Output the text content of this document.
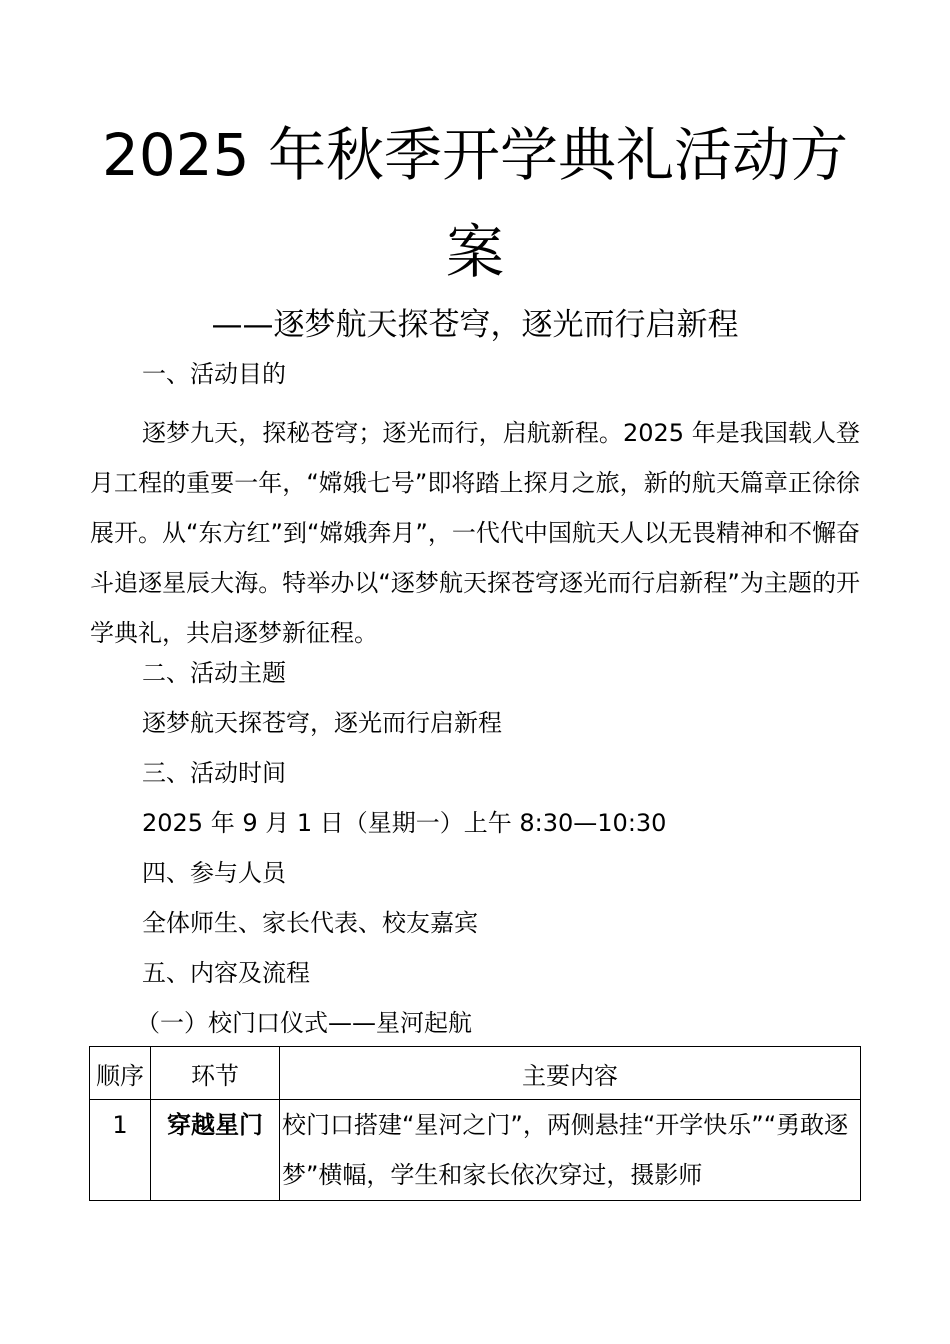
2025 年秋季开学典礼活动方
案
——逐梦航天探苍穹，逐光而行启新程
一、活动目的
逐梦九天，探秘苍穹；逐光而行，启航新程。2025 年是我国载人登月工程的重要一年，“嫦娥七号”即将踏上探月之旅，新的航天篇章正徐徐展开。从“东方红”到“嫦娥奔月”，一代代中国航天人以无畏精神和不懈奋斗追逐星辰大海。特举办以“逐梦航天探苍穹逐光而行启新程”为主题的开学典礼，共启逐梦新征程。
二、活动主题
逐梦航天探苍穹，逐光而行启新程
三、活动时间
2025 年 9 月 1 日（星期一）上午 8:30—10:30
四、参与人员
全体师生、家长代表、校友嘉宾
五、内容及流程
（一）校门口仪式——星河起航
顺序	环节	主要内容
1	穿越星门	校门口搭建“星河之门”，两侧悬挂“开学快乐”“勇敢逐梦”横幅，学生和家长依次穿过，摄影师
